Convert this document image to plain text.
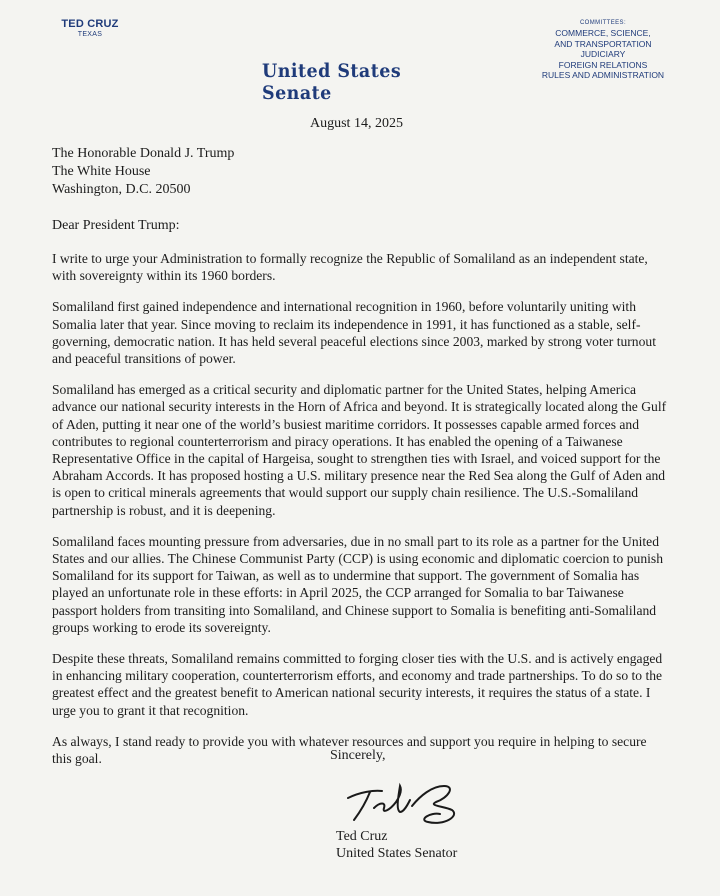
TED CRUZ
TEXAS
COMMITTEES:
COMMERCE, SCIENCE,
AND TRANSPORTATION
JUDICIARY
FOREIGN RELATIONS
RULES AND ADMINISTRATION
United States Senate
August 14, 2025
The Honorable Donald J. Trump
The White House
Washington, D.C. 20500
Dear President Trump:

I write to urge your Administration to formally recognize the Republic of Somaliland as an independent state, with sovereignty within its 1960 borders.

Somaliland first gained independence and international recognition in 1960, before voluntarily uniting with Somalia later that year. Since moving to reclaim its independence in 1991, it has functioned as a stable, self-governing, democratic nation. It has held several peaceful elections since 2003, marked by strong voter turnout and peaceful transitions of power.

Somaliland has emerged as a critical security and diplomatic partner for the United States, helping America advance our national security interests in the Horn of Africa and beyond. It is strategically located along the Gulf of Aden, putting it near one of the world’s busiest maritime corridors. It possesses capable armed forces and contributes to regional counterterrorism and piracy operations. It has enabled the opening of a Taiwanese Representative Office in the capital of Hargeisa, sought to strengthen ties with Israel, and voiced support for the Abraham Accords. It has proposed hosting a U.S. military presence near the Red Sea along the Gulf of Aden and is open to critical minerals agreements that would support our supply chain resilience. The U.S.-Somaliland partnership is robust, and it is deepening.

Somaliland faces mounting pressure from adversaries, due in no small part to its role as a partner for the United States and our allies. The Chinese Communist Party (CCP) is using economic and diplomatic coercion to punish Somaliland for its support for Taiwan, as well as to undermine that support. The government of Somalia has played an unfortunate role in these efforts: in April 2025, the CCP arranged for Somalia to bar Taiwanese passport holders from transiting into Somaliland, and Chinese support to Somalia is benefiting anti-Somaliland groups working to erode its sovereignty.

Despite these threats, Somaliland remains committed to forging closer ties with the U.S. and is actively engaged in enhancing military cooperation, counterterrorism efforts, and economy and trade partnerships. To do so to the greatest effect and the greatest benefit to American national security interests, it requires the status of a state. I urge you to grant it that recognition.

As always, I stand ready to provide you with whatever resources and support you require in helping to secure this goal.	Sincerely,
Ted Cruz
United States Senator
